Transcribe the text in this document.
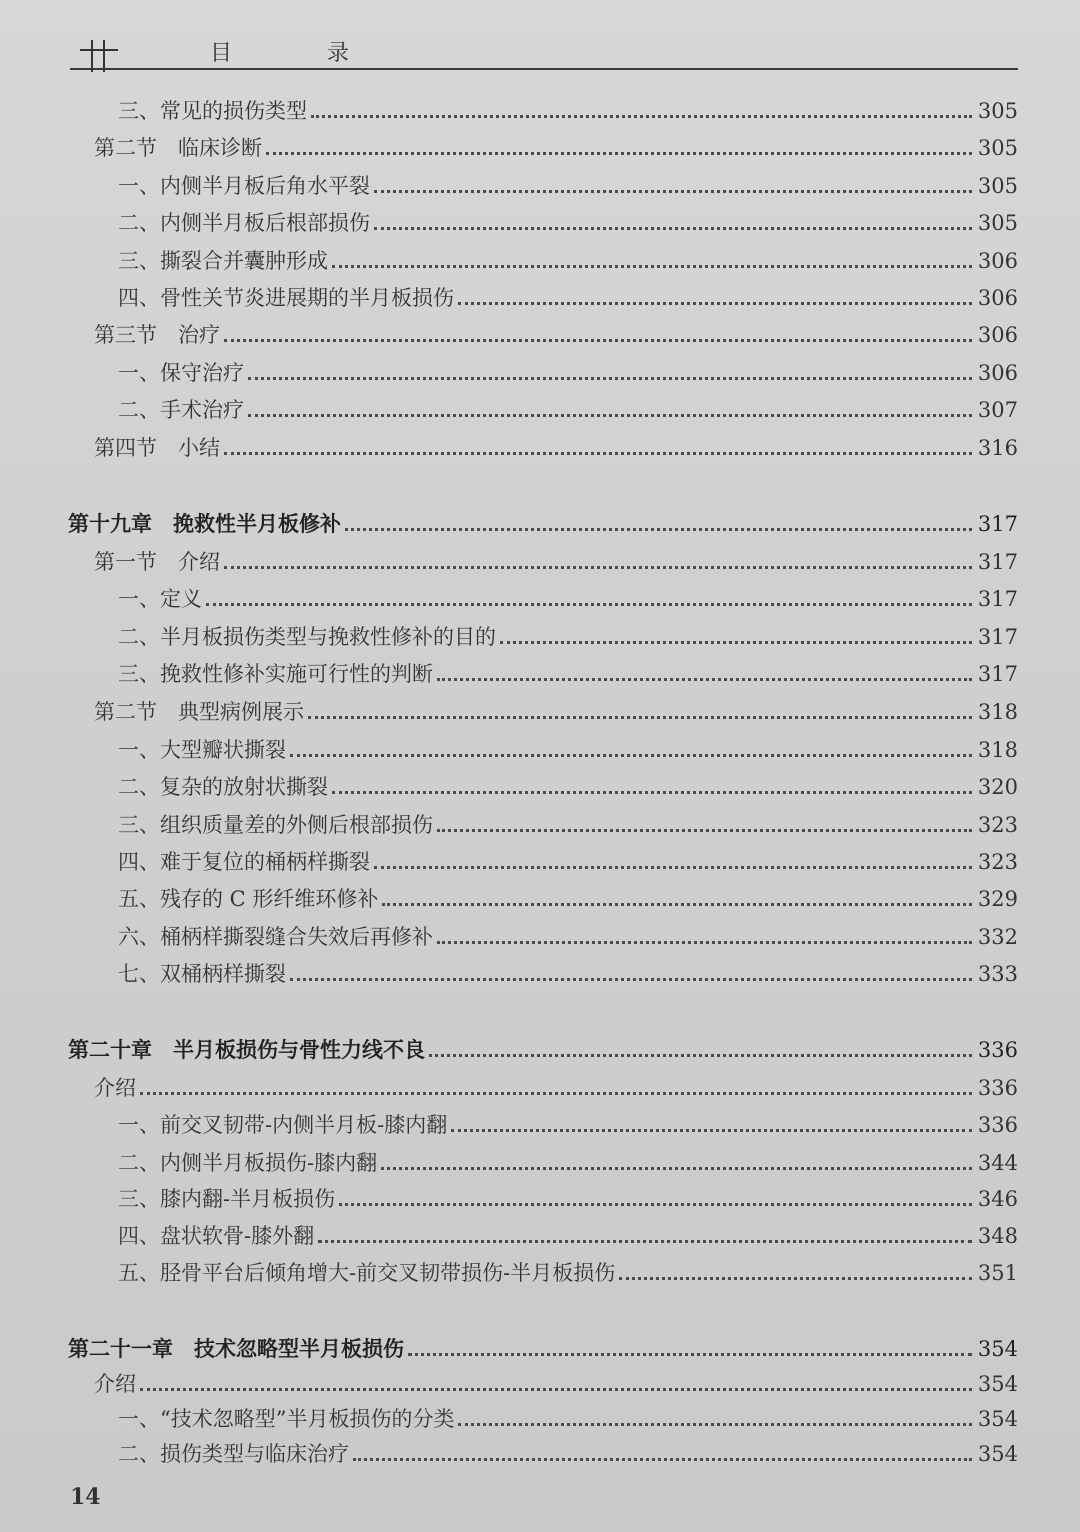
目 录
三、常见的损伤类型	305
第二节　临床诊断	305
一、内侧半月板后角水平裂	305
二、内侧半月板后根部损伤	305
三、撕裂合并囊肿形成	306
四、骨性关节炎进展期的半月板损伤	306
第三节　治疗	306
一、保守治疗	306
二、手术治疗	307
第四节　小结	316
第十九章　挽救性半月板修补	317
第一节　介绍	317
一、定义	317
二、半月板损伤类型与挽救性修补的目的	317
三、挽救性修补实施可行性的判断	317
第二节　典型病例展示	318
一、大型瓣状撕裂	318
二、复杂的放射状撕裂	320
三、组织质量差的外侧后根部损伤	323
四、难于复位的桶柄样撕裂	323
五、残存的 C 形纤维环修补	329
六、桶柄样撕裂缝合失效后再修补	332
七、双桶柄样撕裂	333
第二十章　半月板损伤与骨性力线不良	336
介绍	336
一、前交叉韧带-内侧半月板-膝内翻	336
二、内侧半月板损伤-膝内翻	344
三、膝内翻-半月板损伤	346
四、盘状软骨-膝外翻	348
五、胫骨平台后倾角增大-前交叉韧带损伤-半月板损伤	351
第二十一章　技术忽略型半月板损伤	354
介绍	354
一、“技术忽略型”半月板损伤的分类	354
二、损伤类型与临床治疗	354
14
